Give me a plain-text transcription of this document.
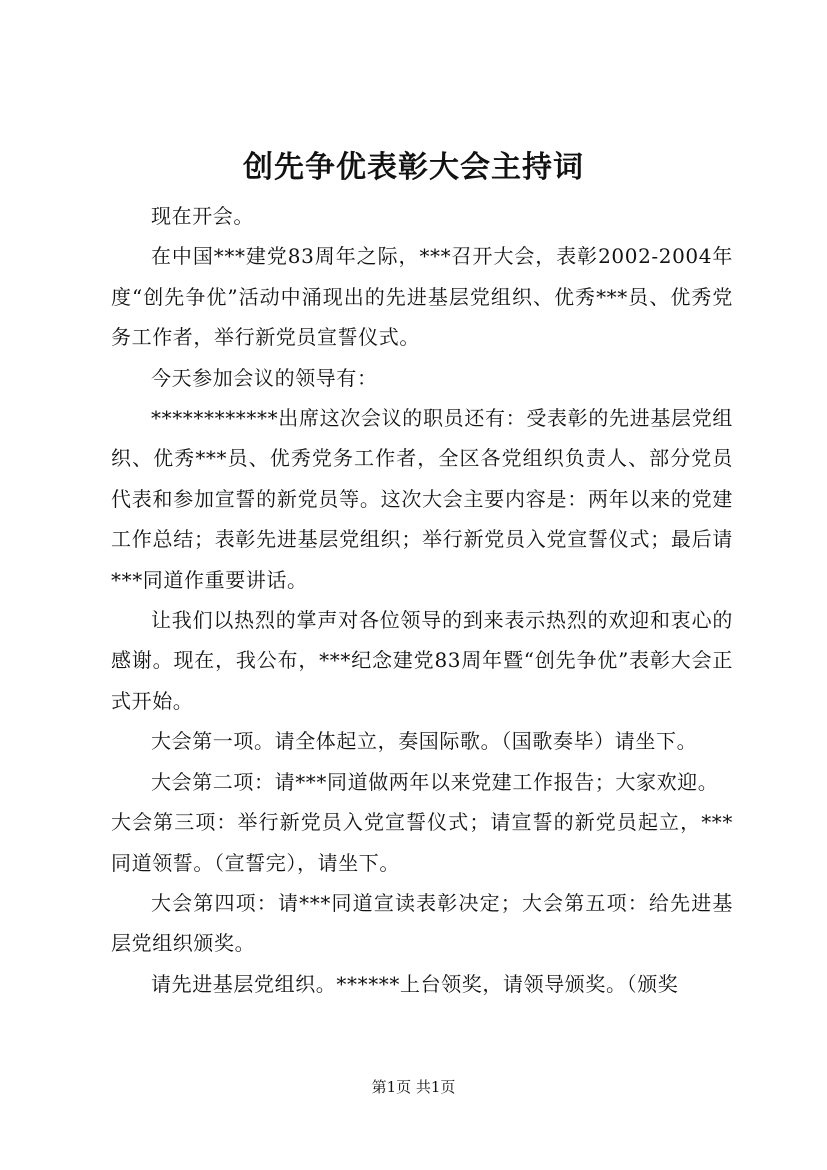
创先争优表彰大会主持词

现在开会。

在中国***建党83周年之际，***召开大会，表彰2002-2004年度“创先争优”活动中涌现出的先进基层党组织、优秀***员、优秀党务工作者，举行新党员宣誓仪式。

今天参加会议的领导有：

************出席这次会议的职员还有：受表彰的先进基层党组织、优秀***员、优秀党务工作者，全区各党组织负责人、部分党员代表和参加宣誓的新党员等。这次大会主要内容是：两年以来的党建工作总结；表彰先进基层党组织；举行新党员入党宣誓仪式；最后请***同道作重要讲话。

让我们以热烈的掌声对各位领导的到来表示热烈的欢迎和衷心的感谢。现在，我公布，***纪念建党83周年暨“创先争优”表彰大会正式开始。

大会第一项。请全体起立，奏国际歌。（国歌奏毕）请坐下。

大会第二项：请***同道做两年以来党建工作报告；大家欢迎。

大会第三项：举行新党员入党宣誓仪式；请宣誓的新党员起立，***同道领誓。（宣誓完），请坐下。

大会第四项：请***同道宣读表彰决定；大会第五项：给先进基层党组织颁奖。

请先进基层党组织。******上台领奖，请领导颁奖。（颁奖

第1页 共1页
